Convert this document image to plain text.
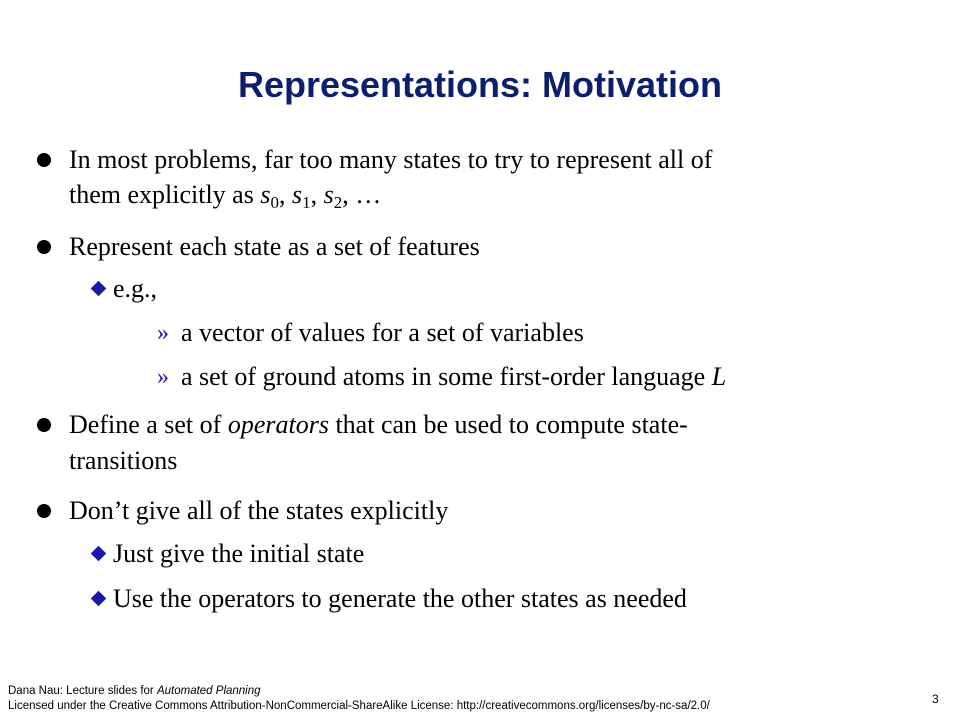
Representations: Motivation
In most problems, far too many states to try to represent all of
them explicitly as $s_0$, $s_1$, $s_2$, …
Represent each state as a set of features
e.g.,
» a vector of values for a set of variables
» a set of ground atoms in some first-order language L
Define a set of operators that can be used to compute state-
transitions
Don’t give all of the states explicitly
Just give the initial state
Use the operators to generate the other states as needed
Dana Nau: Lecture slides for Automated Planning
Licensed under the Creative Commons Attribution-NonCommercial-ShareAlike License: http://creativecommons.org/licenses/by-nc-sa/2.0/	3
